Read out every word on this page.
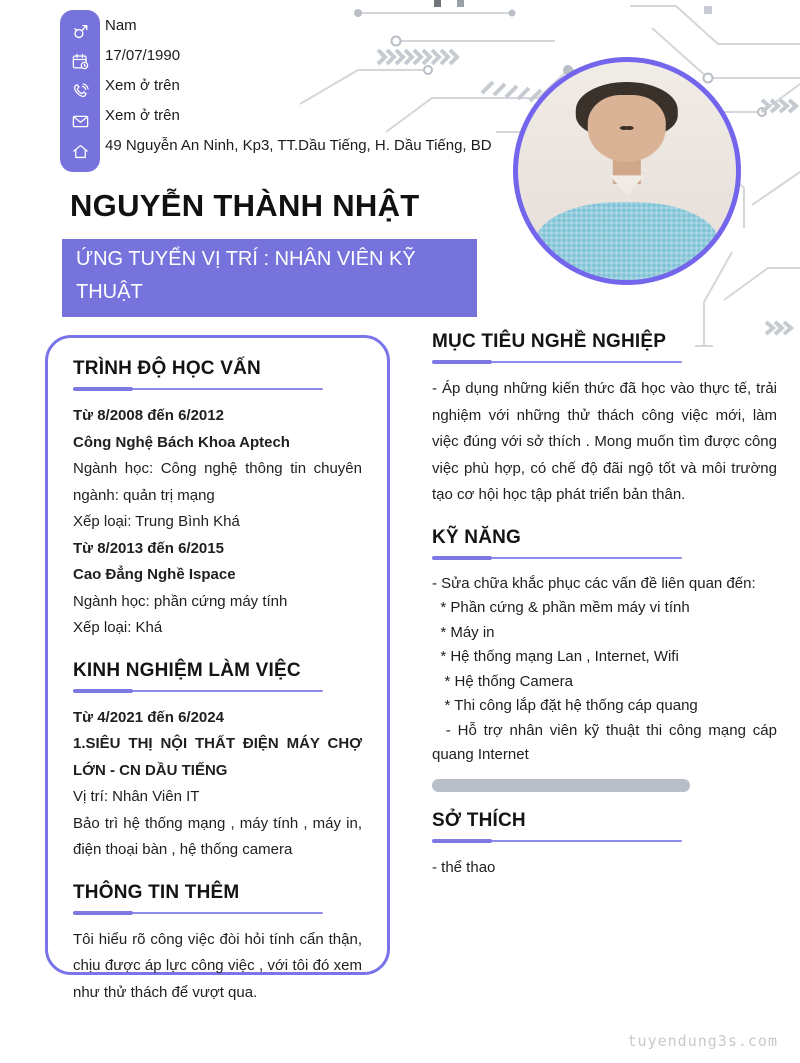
Nam
17/07/1990
Xem ở trên
Xem ở trên
49 Nguyễn An Ninh, Kp3, TT.Dầu Tiếng, H. Dầu Tiếng, BD
NGUYỄN THÀNH NHẬT
ỨNG TUYỂN VỊ TRÍ : NHÂN VIÊN KỸ THUẬT
TRÌNH ĐỘ HỌC VẤN

Từ 8/2008 đến 6/2012

Công Nghệ Bách Khoa Aptech

Ngành học: Công nghệ thông tin chuyên ngành: quản trị mạng

Xếp loại: Trung Bình Khá

Từ 8/2013 đến 6/2015

Cao Đẳng Nghề Ispace

Ngành học: phần cứng máy tính

Xếp loại: Khá

KINH NGHIỆM LÀM VIỆC

Từ 4/2021 đến 6/2024

1.SIÊU THỊ NỘI THẤT ĐIỆN MÁY CHỢ LỚN - CN DẦU TIẾNG

Vị trí: Nhân Viên IT

Bảo trì hệ thống mạng , máy tính , máy in, điện thoại bàn , hệ thống camera

THÔNG TIN THÊM

Tôi hiểu rõ công việc đòi hỏi tính cẩn thận, chịu được áp lực công việc , với tôi đó xem như thử thách để vượt qua.

MỤC TIÊU NGHỀ NGHIỆP

- Áp dụng những kiến thức đã học vào thực tế, trải nghiệm với những thử thách công việc mới, làm việc đúng với sở thích . Mong muốn tìm được công việc phù hợp, có chế độ đãi ngộ tốt và môi trường tạo cơ hội học tập phát triển bản thân.

KỸ NĂNG

- Sửa chữa khắc phục các vấn đề liên quan đến:

* Phần cứng & phần mềm máy vi tính

* Máy in

* Hệ thống mạng Lan , Internet, Wifi

* Hệ thống Camera

* Thi công lắp đặt hệ thống cáp quang

- Hỗ trợ nhân viên kỹ thuật thi công mạng cáp quang Internet

SỞ THÍCH

- thể thao

tuyendung3s.com
